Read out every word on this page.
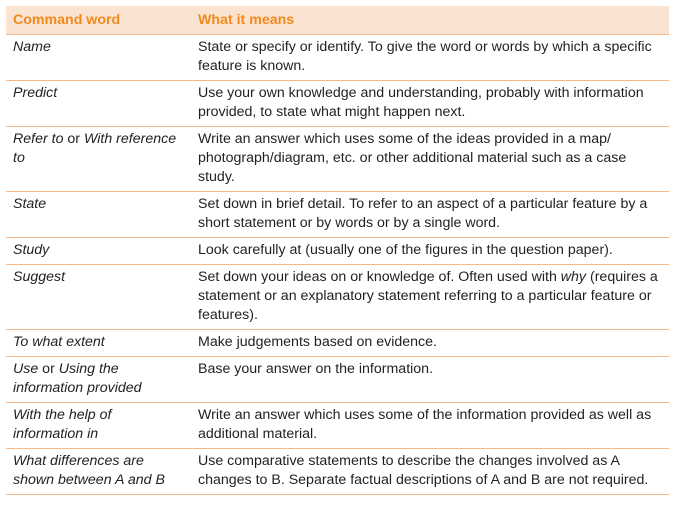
Command word	What it means
Name	State or specify or identify. To give the word or words by which a specific feature is known.
Predict	Use your own knowledge and understanding, probably with information provided, to state what might happen next.
Refer to or With reference to	Write an answer which uses some of the ideas provided in a map/ photograph/diagram, etc. or other additional material such as a case study.
State	Set down in brief detail. To refer to an aspect of a particular feature by a short statement or by words or by a single word.
Study	Look carefully at (usually one of the figures in the question paper).
Suggest	Set down your ideas on or knowledge of. Often used with why (requires a statement or an explanatory statement referring to a particular feature or features).
To what extent	Make judgements based on evidence.
Use or Using the information provided	Base your answer on the information.
With the help of information in	Write an answer which uses some of the information provided as well as additional material.
What differences are shown between A and B	Use comparative statements to describe the changes involved as A changes to B. Separate factual descriptions of A and B are not required.
